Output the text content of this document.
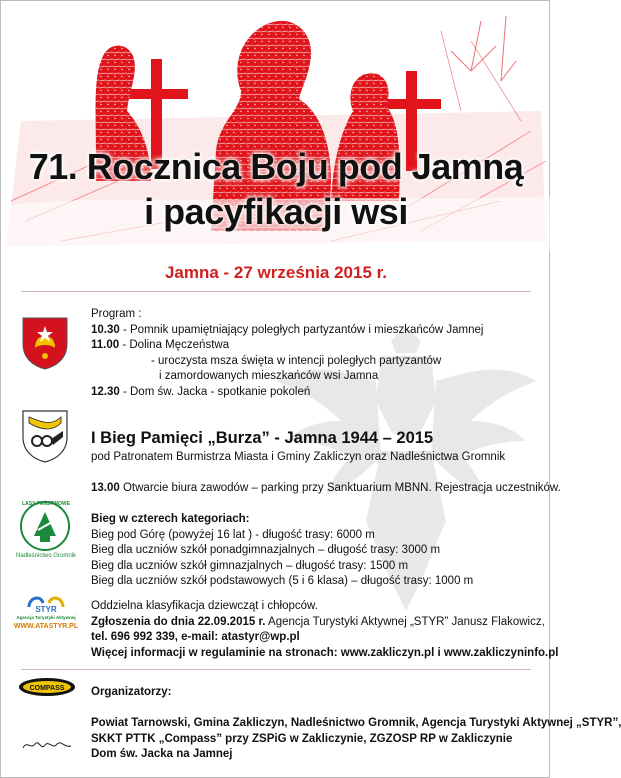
71. Rocznica Boju pod Jamną
i pacyfikacji wsi
Jamna - 27 września 2015 r.
Program :
10.30 - Pomnik upamiętniający poległych partyzantów i mieszkańców Jamnej
11.00 - Dolina Męczeństwa
- uroczysta msza święta w intencji poległych partyzantów
i zamordowanych mieszkańców wsi Jamna
12.30 - Dom św. Jacka - spotkanie pokoleń
I Bieg Pamięci „Burza” - Jamna 1944 – 2015
pod Patronatem Burmistrza Miasta i Gminy Zakliczyn oraz Nadleśnictwa Gromnik
13.00 Otwarcie biura zawodów – parking przy Sanktuarium MBNN. Rejestracja uczestników.
LASY PAŃSTWOWE
Nadleśnictwo Gromnik
Bieg w czterech kategoriach:
Bieg pod Górę (powyżej 16 lat ) - długość trasy: 6000 m
Bieg dla uczniów szkół ponadgimnazjalnych – długość trasy: 3000 m
Bieg dla uczniów szkół gimnazjalnych – długość trasy: 1500 m
Bieg dla uczniów szkół podstawowych (5 i 6 klasa) – długość trasy: 1000 m
STYR
Agencja Turystyki Aktywnej
WWW.ATASTYR.PL
Oddzielna klasyfikacja dziewcząt i chłopców.
Zgłoszenia do dnia 22.09.2015 r. Agencja Turystyki Aktywnej „STYR” Janusz Flakowicz,
tel. 696 992 339, e-mail: atastyr@wp.pl
Więcej informacji w regulaminie na stronach: www.zakliczyn.pl i www.zakliczyninfo.pl
COMPASS Organizatorzy:
Powiat Tarnowski, Gmina Zakliczyn, Nadleśnictwo Gromnik, Agencja Turystyki Aktywnej „STYR”,
SKKT PTTK „Compass” przy ZSPiG w Zakliczynie, ZGZOSP RP w Zakliczynie
Dom św. Jacka na Jamnej
